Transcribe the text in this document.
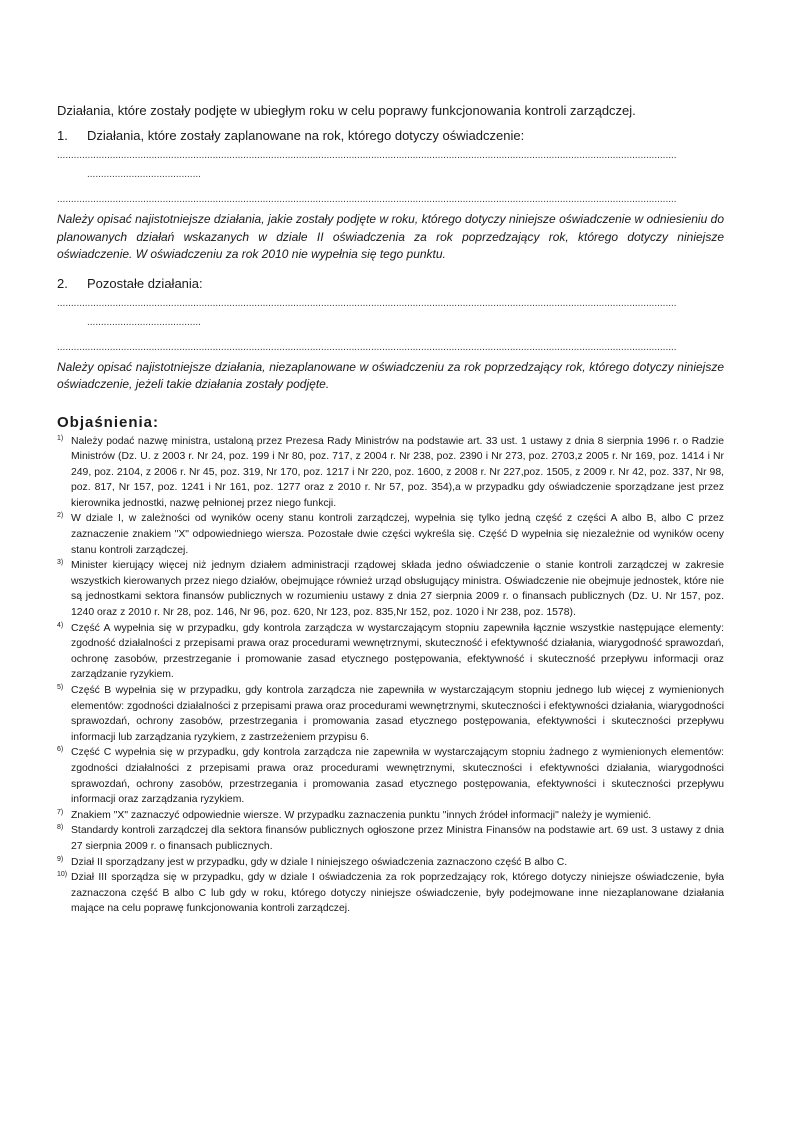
Działania, które zostały podjęte w ubiegłym roku w celu poprawy funkcjonowania kontroli zarządczej.

1.	Działania, które zostały zaplanowane na rok, którego dotyczy oświadczenie:
...............................................................................................................................................................................................................................
.........................................
...............................................................................................................................................................................................................................

Należy opisać najistotniejsze działania, jakie zostały podjęte w roku, którego dotyczy niniejsze oświadczenie w odniesieniu do planowanych działań wskazanych w dziale II oświadczenia za rok poprzedzający rok, którego dotyczy niniejsze oświadczenie. W oświadczeniu za rok 2010 nie wypełnia się tego punktu.

2.	Pozostałe działania:
...............................................................................................................................................................................................................................
.........................................
...............................................................................................................................................................................................................................

Należy opisać najistotniejsze działania, niezaplanowane w oświadczeniu za rok poprzedzający rok, którego dotyczy niniejsze oświadczenie, jeżeli takie działania zostały podjęte.

Objaśnienia:
1) Należy podać nazwę ministra, ustaloną przez Prezesa Rady Ministrów na podstawie art. 33 ust. 1 ustawy z dnia 8 sierpnia 1996 r. o Radzie Ministrów (Dz. U. z 2003 r. Nr 24, poz. 199 i Nr 80, poz. 717, z 2004 r. Nr 238, poz. 2390 i Nr 273, poz. 2703,z 2005 r. Nr 169, poz. 1414 i Nr 249, poz. 2104, z 2006 r. Nr 45, poz. 319, Nr 170, poz. 1217 i Nr 220, poz. 1600, z 2008 r. Nr 227,poz. 1505, z 2009 r. Nr 42, poz. 337, Nr 98, poz. 817, Nr 157, poz. 1241 i Nr 161, poz. 1277 oraz z 2010 r. Nr 57, poz. 354),a w przypadku gdy oświadczenie sporządzane jest przez kierownika jednostki, nazwę pełnionej przez niego funkcji.
2) W dziale I, w zależności od wyników oceny stanu kontroli zarządczej, wypełnia się tylko jedną część z części A albo B, albo C przez zaznaczenie znakiem "X" odpowiedniego wiersza. Pozostałe dwie części wykreśla się. Część D wypełnia się niezależnie od wyników oceny stanu kontroli zarządczej.
3) Minister kierujący więcej niż jednym działem administracji rządowej składa jedno oświadczenie o stanie kontroli zarządczej w zakresie wszystkich kierowanych przez niego działów, obejmujące również urząd obsługujący ministra. Oświadczenie nie obejmuje jednostek, które nie są jednostkami sektora finansów publicznych w rozumieniu ustawy z dnia 27 sierpnia 2009 r. o finansach publicznych (Dz. U. Nr 157, poz. 1240 oraz z 2010 r. Nr 28, poz. 146, Nr 96, poz. 620, Nr 123, poz. 835,Nr 152, poz. 1020 i Nr 238, poz. 1578).
4) Część A wypełnia się w przypadku, gdy kontrola zarządcza w wystarczającym stopniu zapewniła łącznie wszystkie następujące elementy: zgodność działalności z przepisami prawa oraz procedurami wewnętrznymi, skuteczność i efektywność działania, wiarygodność sprawozdań, ochronę zasobów, przestrzeganie i promowanie zasad etycznego postępowania, efektywność i skuteczność przepływu informacji oraz zarządzanie ryzykiem.
5) Część B wypełnia się w przypadku, gdy kontrola zarządcza nie zapewniła w wystarczającym stopniu jednego lub więcej z wymienionych elementów: zgodności działalności z przepisami prawa oraz procedurami wewnętrznymi, skuteczności i efektywności działania, wiarygodności sprawozdań, ochrony zasobów, przestrzegania i promowania zasad etycznego postępowania, efektywności i skuteczności przepływu informacji lub zarządzania ryzykiem, z zastrzeżeniem przypisu 6.
6) Część C wypełnia się w przypadku, gdy kontrola zarządcza nie zapewniła w wystarczającym stopniu żadnego z wymienionych elementów: zgodności działalności z przepisami prawa oraz procedurami wewnętrznymi, skuteczności i efektywności działania, wiarygodności sprawozdań, ochrony zasobów, przestrzegania i promowania zasad etycznego postępowania, efektywności i skuteczności przepływu informacji oraz zarządzania ryzykiem.
7) Znakiem "X" zaznaczyć odpowiednie wiersze. W przypadku zaznaczenia punktu "innych źródeł informacji" należy je wymienić.
8) Standardy kontroli zarządczej dla sektora finansów publicznych ogłoszone przez Ministra Finansów na podstawie art. 69 ust. 3 ustawy z dnia 27 sierpnia 2009 r. o finansach publicznych.
9) Dział II sporządzany jest w przypadku, gdy w dziale I niniejszego oświadczenia zaznaczono część B albo C.
10) Dział III sporządza się w przypadku, gdy w dziale I oświadczenia za rok poprzedzający rok, którego dotyczy niniejsze oświadczenie, była zaznaczona część B albo C lub gdy w roku, którego dotyczy niniejsze oświadczenie, były podejmowane inne niezaplanowane działania mające na celu poprawę funkcjonowania kontroli zarządczej.
